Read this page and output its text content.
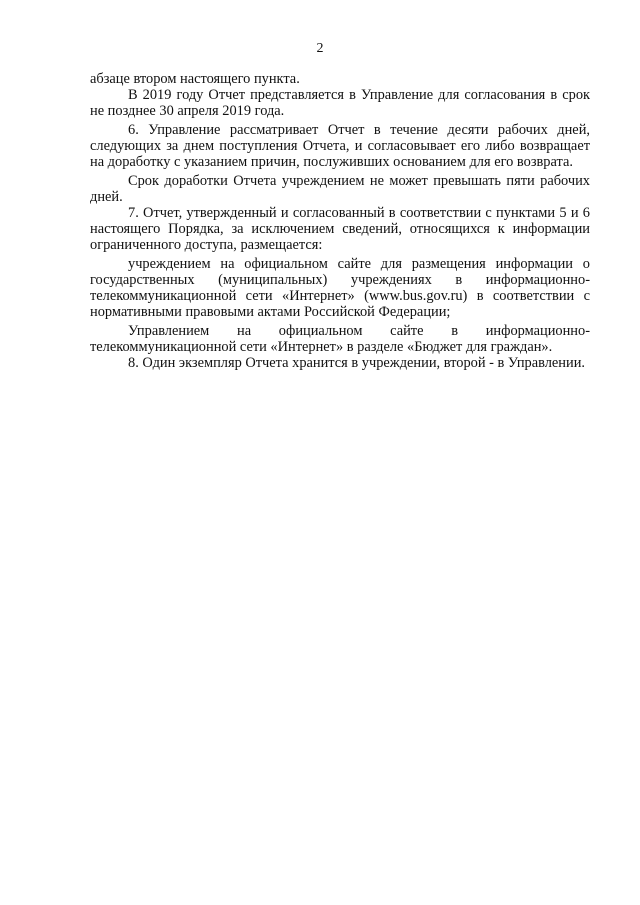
2

абзаце втором настоящего пункта.

В 2019 году Отчет представляется в Управление для согласования в срок не позднее 30 апреля 2019 года.

6. Управление рассматривает Отчет в течение десяти рабочих дней, следующих за днем поступления Отчета, и согласовывает его либо возвращает на доработку с указанием причин, послуживших основанием для его возврата.

Срок доработки Отчета учреждением не может превышать пяти рабочих дней.

7. Отчет, утвержденный и согласованный в соответствии с пунктами 5 и 6 настоящего Порядка, за исключением сведений, относящихся к информации ограниченного доступа, размещается:

учреждением на официальном сайте для размещения информации о государственных (муниципальных) учреждениях в информационно-телекоммуникационной сети «Интернет» (www.bus.gov.ru) в соответствии с нормативными правовыми актами Российской Федерации;

Управлением на официальном сайте в информационно-телекоммуникационной сети «Интернет» в разделе «Бюджет для граждан».

8. Один экземпляр Отчета хранится в учреждении, второй - в Управлении.
